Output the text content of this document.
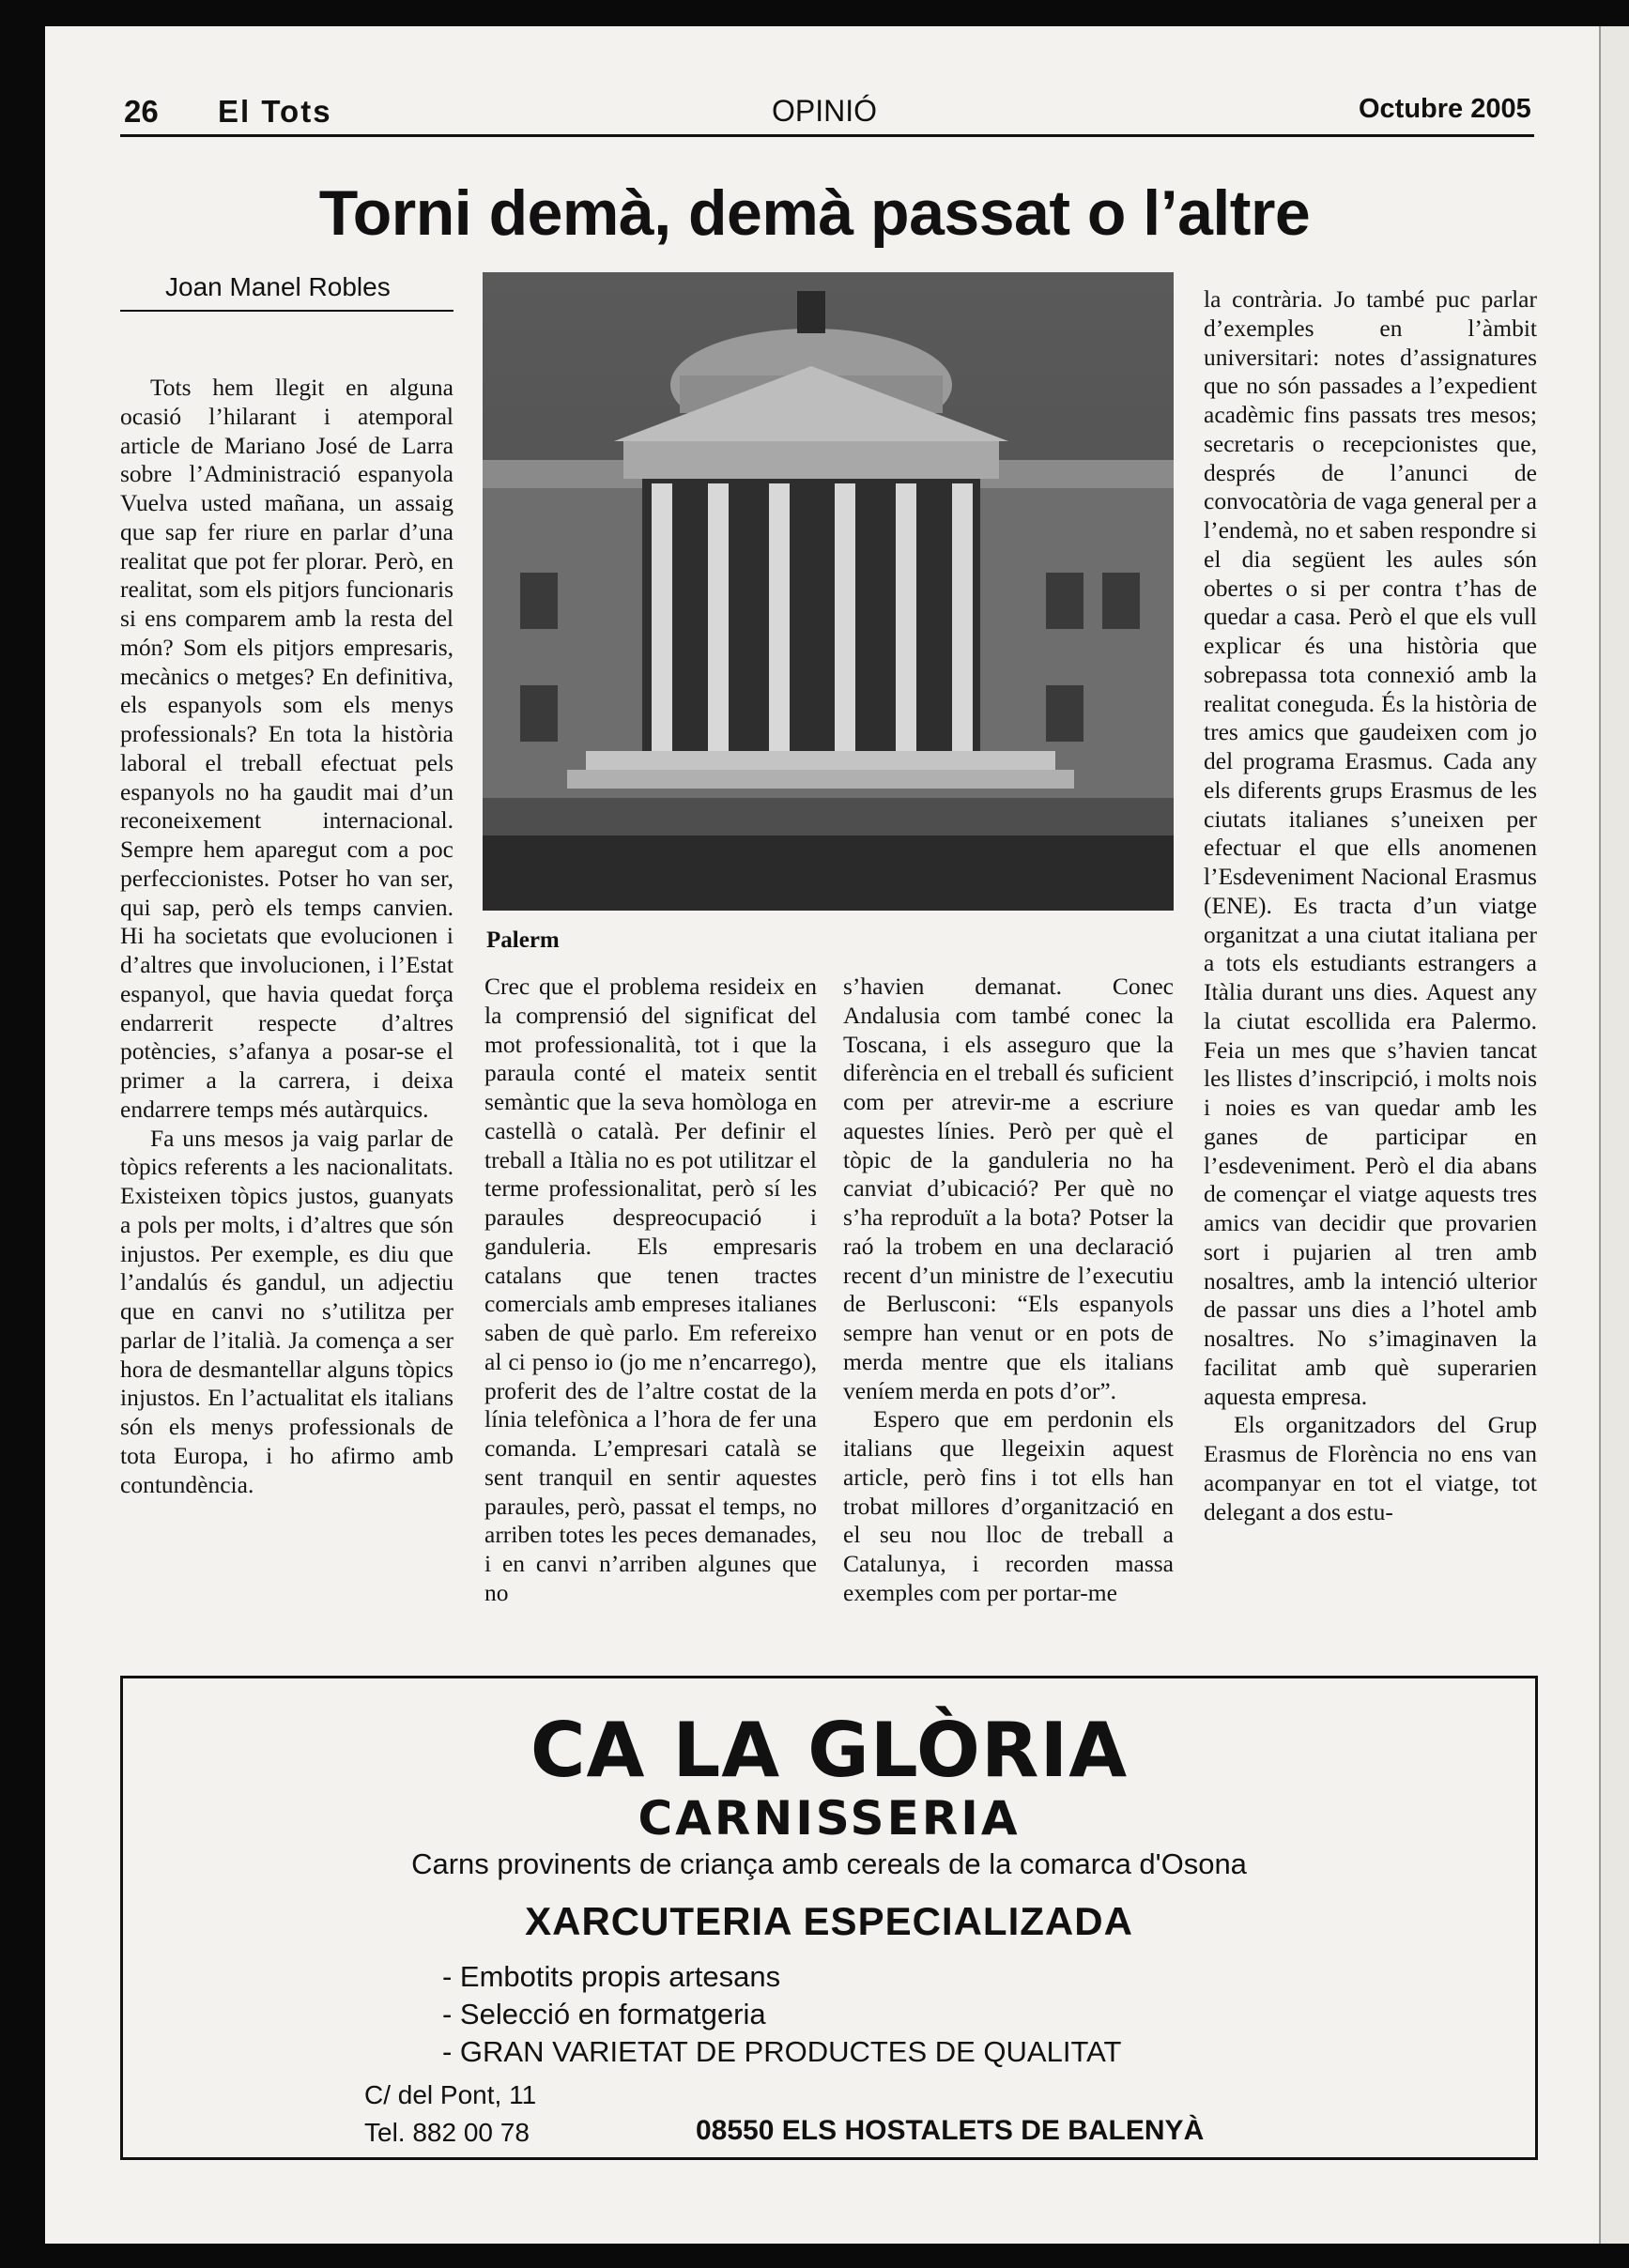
26 El Tots	OPINIÓ	Octubre 2005
Torni demà, demà passat o l’altre
Joan Manel Robles

Tots hem llegit en alguna ocasió l’hilarant i atemporal article de Mariano José de Larra sobre l’Administració espanyola Vuelva usted mañana, un assaig que sap fer riure en parlar d’una realitat que pot fer plorar. Però, en realitat, som els pitjors funcionaris si ens comparem amb la resta del món? Som els pitjors empresaris, mecànics o metges? En definitiva, els espanyols som els menys professionals? En tota la història laboral el treball efectuat pels espanyols no ha gaudit mai d’un reconeixement internacional. Sempre hem aparegut com a poc perfeccionistes. Potser ho van ser, qui sap, però els temps canvien. Hi ha societats que evolucionen i d’altres que involucionen, i l’Estat espanyol, que havia quedat força endarrerit respecte d’altres potències, s’afanya a posar-se el primer a la carrera, i deixa endarrere temps més autàrquics.

Fa uns mesos ja vaig parlar de tòpics referents a les nacionalitats. Existeixen tòpics justos, guanyats a pols per molts, i d’altres que són injustos. Per exemple, es diu que l’andalús és gandul, un adjectiu que en canvi no s’utilitza per parlar de l’italià. Ja comença a ser hora de desmantellar alguns tòpics injustos. En l’actualitat els italians són els menys professionals de tota Europa, i ho afirmo amb contundència.

Palerm

Crec que el problema resideix en la comprensió del significat del mot professionalità, tot i que la paraula conté el mateix sentit semàntic que la seva homòloga en castellà o català. Per definir el treball a Itàlia no es pot utilitzar el terme professionalitat, però sí les paraules despreocupació i ganduleria. Els empresaris catalans que tenen tractes comercials amb empreses italianes saben de què parlo. Em refereixo al ci penso io (jo me n’encarrego), proferit des de l’altre costat de la línia telefònica a l’hora de fer una comanda. L’empresari català se sent tranquil en sentir aquestes paraules, però, passat el temps, no arriben totes les peces demanades, i en canvi n’arriben algunes que no

s’havien demanat. Conec Andalusia com també conec la Toscana, i els asseguro que la diferència en el treball és suficient com per atrevir-me a escriure aquestes línies. Però per què el tòpic de la ganduleria no ha canviat d’ubicació? Per què no s’ha reproduït a la bota? Potser la raó la trobem en una declaració recent d’un ministre de l’executiu de Berlusconi: “Els espanyols sempre han venut or en pots de merda mentre que els italians veníem merda en pots d’or”.

Espero que em perdonin els italians que llegeixin aquest article, però fins i tot ells han trobat millores d’organització en el seu nou lloc de treball a Catalunya, i recorden massa exemples com per portar-me

la contrària. Jo també puc parlar d’exemples en l’àmbit universitari: notes d’assignatures que no són passades a l’expedient acadèmic fins passats tres mesos; secretaris o recepcionistes que, després de l’anunci de convocatòria de vaga general per a l’endemà, no et saben respondre si el dia següent les aules són obertes o si per contra t’has de quedar a casa. Però el que els vull explicar és una història que sobrepassa tota connexió amb la realitat coneguda. És la història de tres amics que gaudeixen com jo del programa Erasmus. Cada any els diferents grups Erasmus de les ciutats italianes s’uneixen per efectuar el que ells anomenen l’Esdeveniment Nacional Erasmus (ENE). Es tracta d’un viatge organitzat a una ciutat italiana per a tots els estudiants estrangers a Itàlia durant uns dies. Aquest any la ciutat escollida era Palermo. Feia un mes que s’havien tancat les llistes d’inscripció, i molts nois i noies es van quedar amb les ganes de participar en l’esdeveniment. Però el dia abans de començar el viatge aquests tres amics van decidir que provarien sort i pujarien al tren amb nosaltres, amb la intenció ulterior de passar uns dies a l’hotel amb nosaltres. No s’imaginaven la facilitat amb què superarien aquesta empresa.

Els organitzadors del Grup Erasmus de Florència no ens van acompanyar en tot el viatge, tot delegant a dos estu-

CA LA GLÒRIA
CARNISSERIA
Carns provinents de criança amb cereals de la comarca d'Osona
XARCUTERIA ESPECIALIZADA
- Embotits propis artesans
- Selecció en formatgeria
- GRAN VARIETAT DE PRODUCTES DE QUALITAT
C/ del Pont, 11
Tel. 882 00 78	08550 ELS HOSTALETS DE BALENYÀ
